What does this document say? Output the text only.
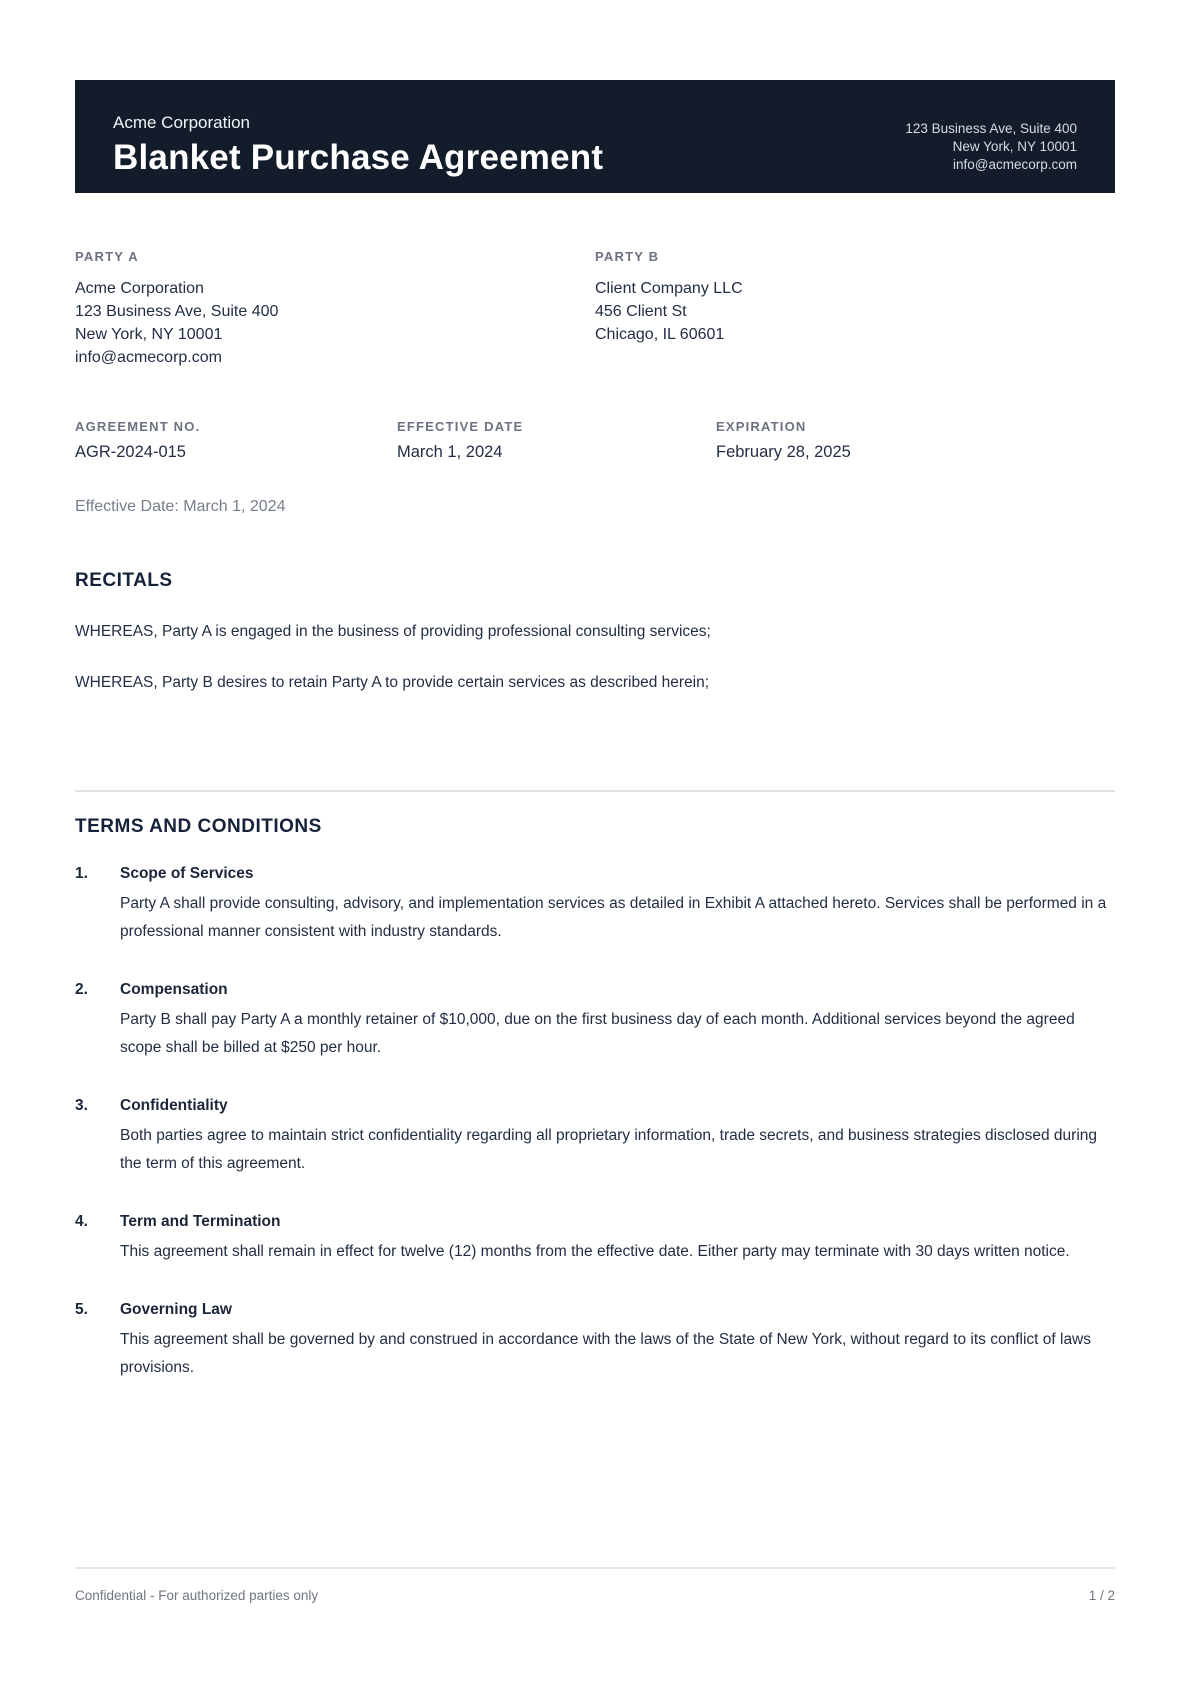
Acme Corporation
Blanket Purchase Agreement
123 Business Ave, Suite 400
New York, NY 10001
info@acmecorp.com
PARTY A
Acme Corporation
123 Business Ave, Suite 400
New York, NY 10001
info@acmecorp.com
PARTY B
Client Company LLC
456 Client St
Chicago, IL 60601
AGREEMENT NO.
AGR-2024-015
EFFECTIVE DATE
March 1, 2024
EXPIRATION
February 28, 2025

Effective Date: March 1, 2024

RECITALS

WHEREAS, Party A is engaged in the business of providing professional consulting services;

WHEREAS, Party B desires to retain Party A to provide certain services as described herein;

TERMS AND CONDITIONS
1.	Scope of Services

Party A shall provide consulting, advisory, and implementation services as detailed in Exhibit A attached hereto. Services shall be performed in a professional manner consistent with industry standards.

2.	Compensation

Party B shall pay Party A a monthly retainer of $10,000, due on the first business day of each month. Additional services beyond the agreed scope shall be billed at $250 per hour.

3.	Confidentiality

Both parties agree to maintain strict confidentiality regarding all proprietary information, trade secrets, and business strategies disclosed during the term of this agreement.

4.	Term and Termination

This agreement shall remain in effect for twelve (12) months from the effective date. Either party may terminate with 30 days written notice.

5.	Governing Law

This agreement shall be governed by and construed in accordance with the laws of the State of New York, without regard to its conflict of laws provisions.

Confidential - For authorized parties only	1 / 2
